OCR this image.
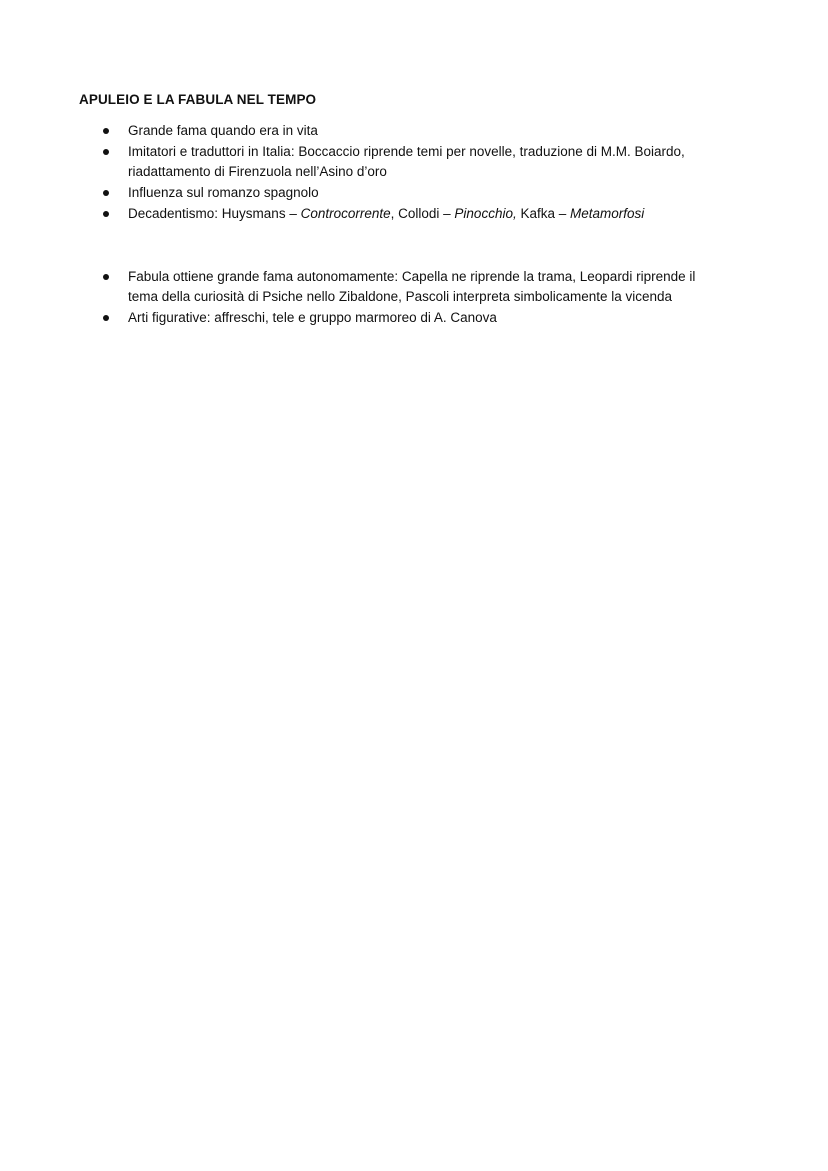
APULEIO E LA FABULA NEL TEMPO
Grande fama quando era in vita
Imitatori e traduttori in Italia: Boccaccio riprende temi per novelle, traduzione di M.M. Boiardo,
riadattamento di Firenzuola nell’Asino d’oro
Influenza sul romanzo spagnolo
Decadentismo: Huysmans – Controcorrente, Collodi – Pinocchio, Kafka – Metamorfosi
Fabula ottiene grande fama autonomamente: Capella ne riprende la trama, Leopardi riprende il
tema della curiosità di Psiche nello Zibaldone, Pascoli interpreta simbolicamente la vicenda
Arti figurative: affreschi, tele e gruppo marmoreo di A. Canova
